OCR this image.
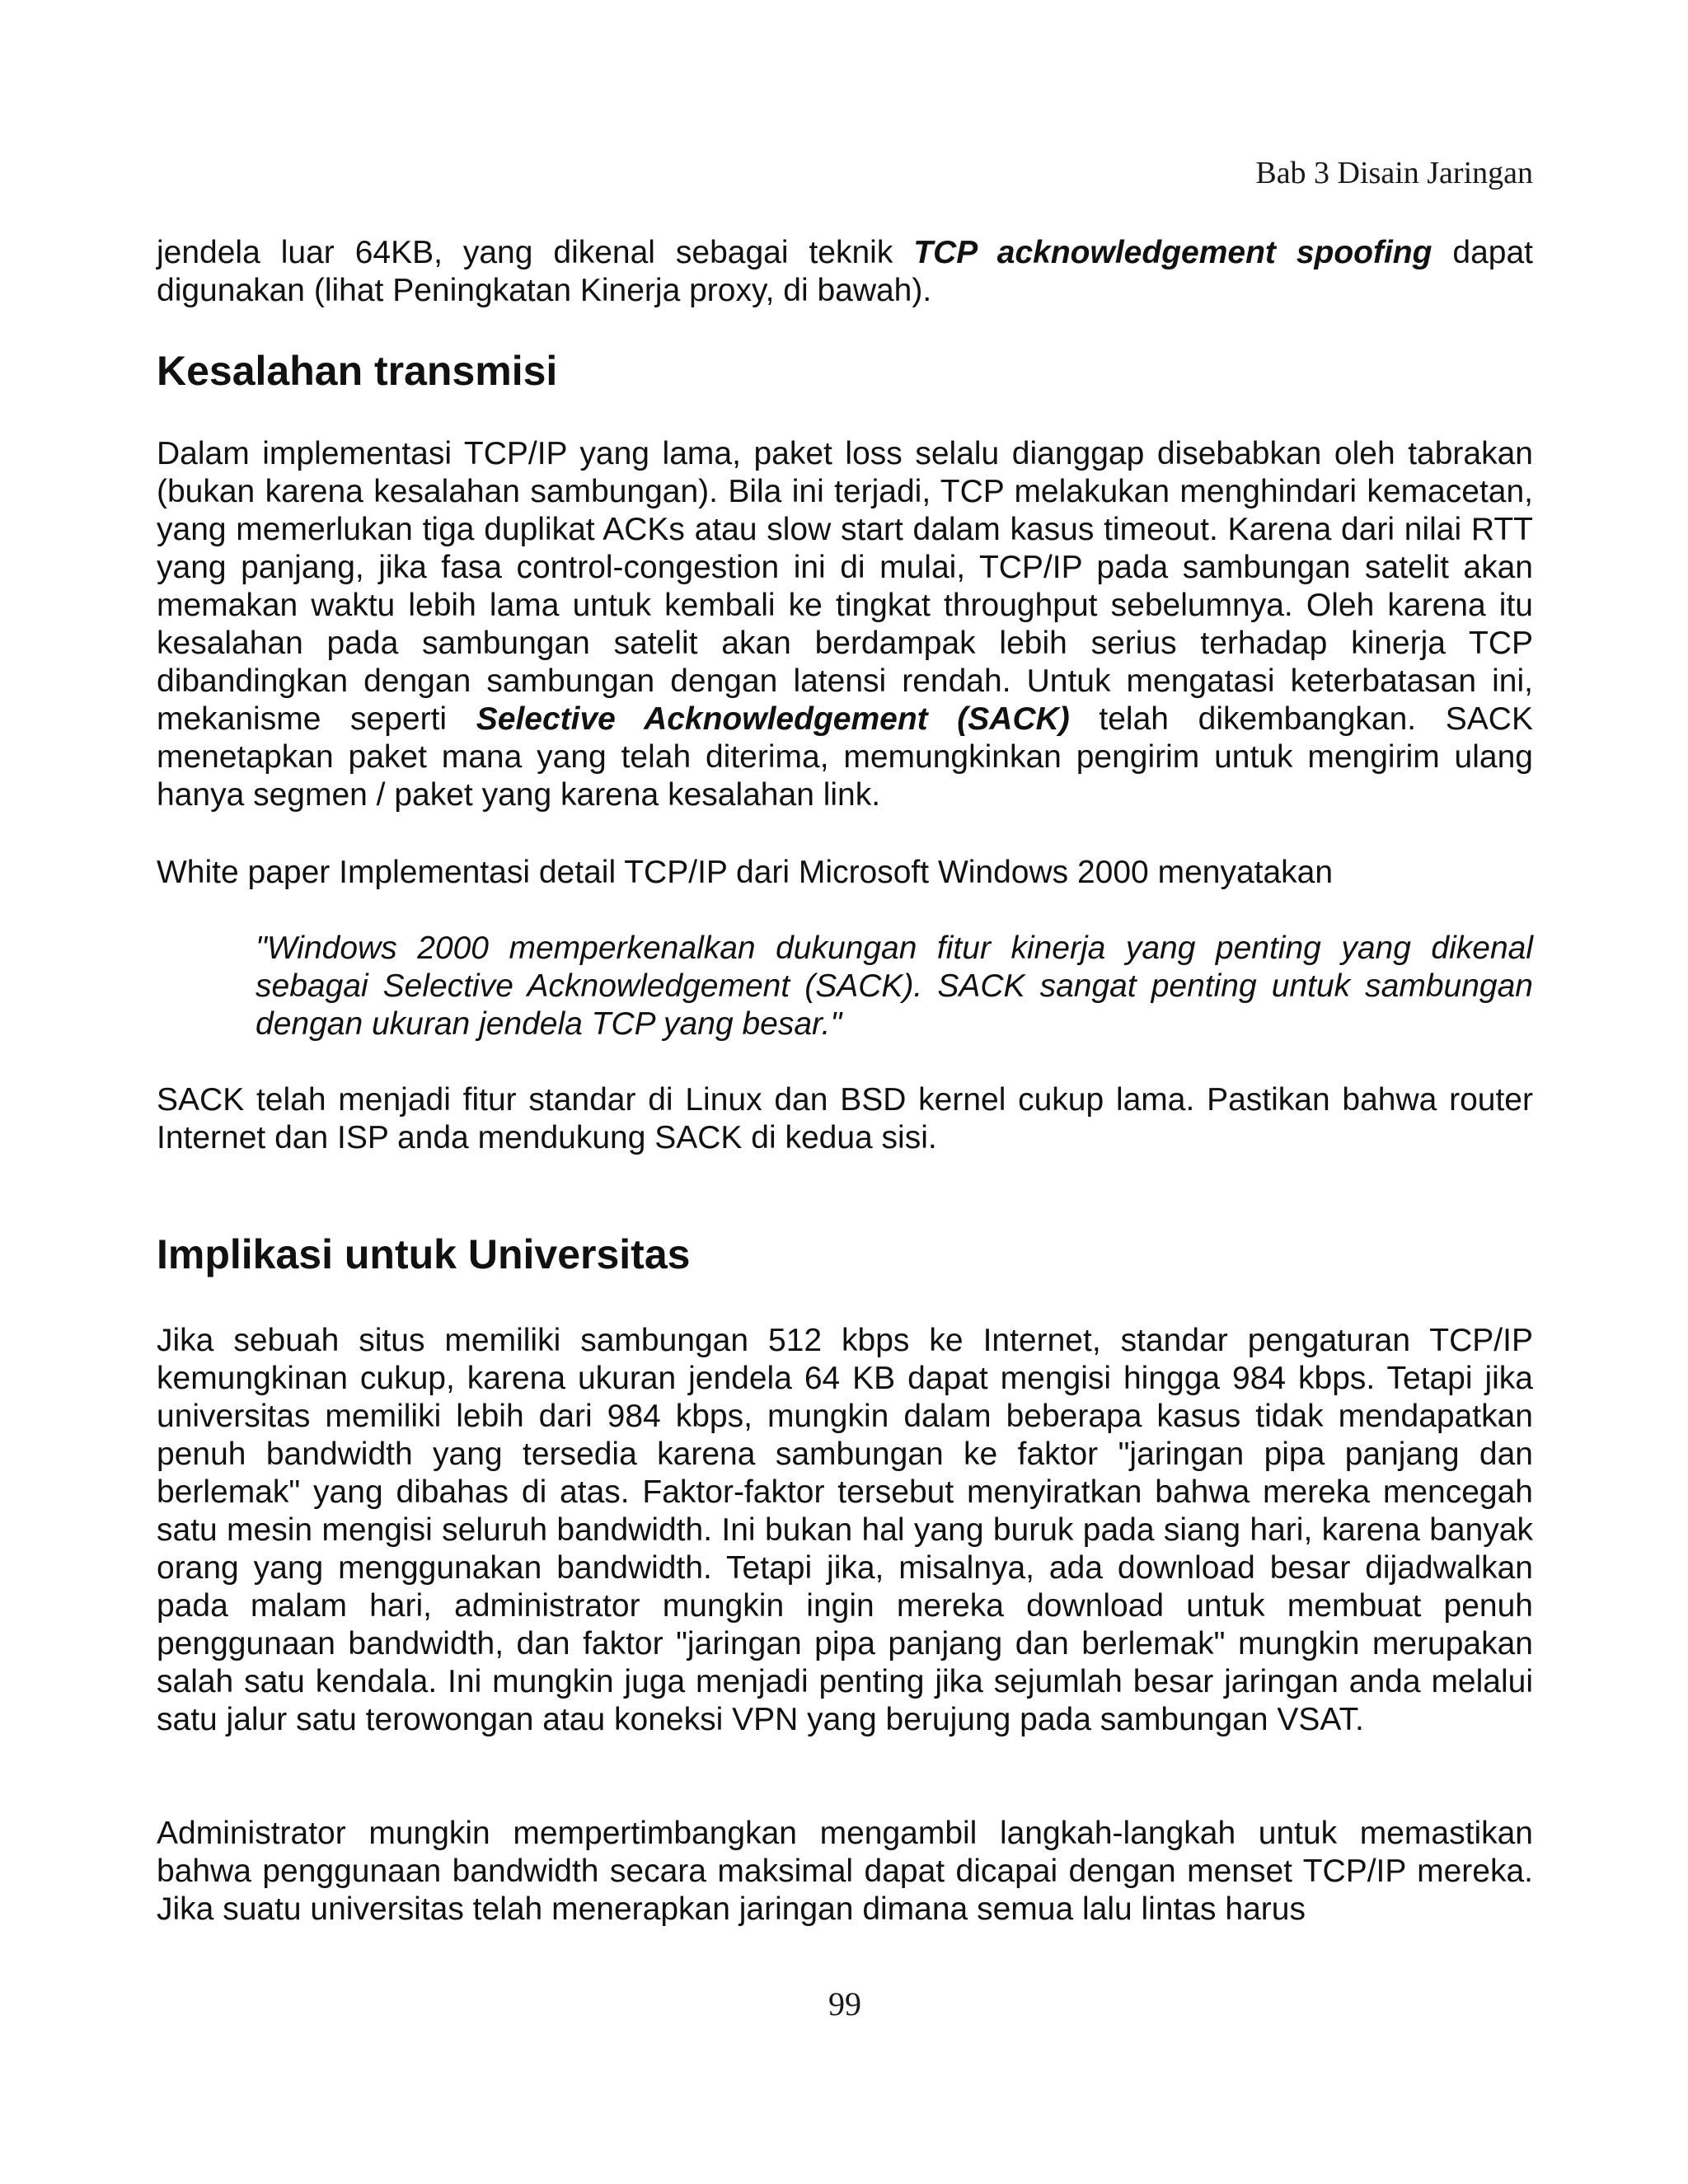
Bab 3 Disain Jaringan

jendela luar 64KB, yang dikenal sebagai teknik TCP acknowledgement spoofing dapat digunakan (lihat Peningkatan Kinerja proxy, di bawah).

Kesalahan transmisi

Dalam implementasi TCP/IP yang lama, paket loss selalu dianggap disebabkan oleh tabrakan (bukan karena kesalahan sambungan). Bila ini terjadi, TCP melakukan menghindari kemacetan, yang memerlukan tiga duplikat ACKs atau slow start dalam kasus timeout. Karena dari nilai RTT yang panjang, jika fasa control-congestion ini di mulai, TCP/IP pada sambungan satelit akan memakan waktu lebih lama untuk kembali ke tingkat throughput sebelumnya. Oleh karena itu kesalahan pada sambungan satelit akan berdampak lebih serius terhadap kinerja TCP dibandingkan dengan sambungan dengan latensi rendah. Untuk mengatasi keterbatasan ini, mekanisme seperti Selective Acknowledgement (SACK) telah dikembangkan. SACK menetapkan paket mana yang telah diterima, memungkinkan pengirim untuk mengirim ulang hanya segmen / paket yang karena kesalahan link.

White paper Implementasi detail TCP/IP dari Microsoft Windows 2000 menyatakan

"Windows 2000 memperkenalkan dukungan fitur kinerja yang penting yang dikenal sebagai Selective Acknowledgement (SACK). SACK sangat penting untuk sambungan dengan ukuran jendela TCP yang besar."

SACK telah menjadi fitur standar di Linux dan BSD kernel cukup lama. Pastikan bahwa router Internet dan ISP anda mendukung SACK di kedua sisi.

Implikasi untuk Universitas

Jika sebuah situs memiliki sambungan 512 kbps ke Internet, standar pengaturan TCP/IP kemungkinan cukup, karena ukuran jendela 64 KB dapat mengisi hingga 984 kbps. Tetapi jika universitas memiliki lebih dari 984 kbps, mungkin dalam beberapa kasus tidak mendapatkan penuh bandwidth yang tersedia karena sambungan ke faktor "jaringan pipa panjang dan berlemak" yang dibahas di atas. Faktor-faktor tersebut menyiratkan bahwa mereka mencegah satu mesin mengisi seluruh bandwidth. Ini bukan hal yang buruk pada siang hari, karena banyak orang yang menggunakan bandwidth. Tetapi jika, misalnya, ada download besar dijadwalkan pada malam hari, administrator mungkin ingin mereka download untuk membuat penuh penggunaan bandwidth, dan faktor "jaringan pipa panjang dan berlemak" mungkin merupakan salah satu kendala. Ini mungkin juga menjadi penting jika sejumlah besar jaringan anda melalui satu jalur satu terowongan atau koneksi VPN yang berujung pada sambungan VSAT.

Administrator mungkin mempertimbangkan mengambil langkah-langkah untuk memastikan bahwa penggunaan bandwidth secara maksimal dapat dicapai dengan menset TCP/IP mereka. Jika suatu universitas telah menerapkan jaringan dimana semua lalu lintas harus

99
